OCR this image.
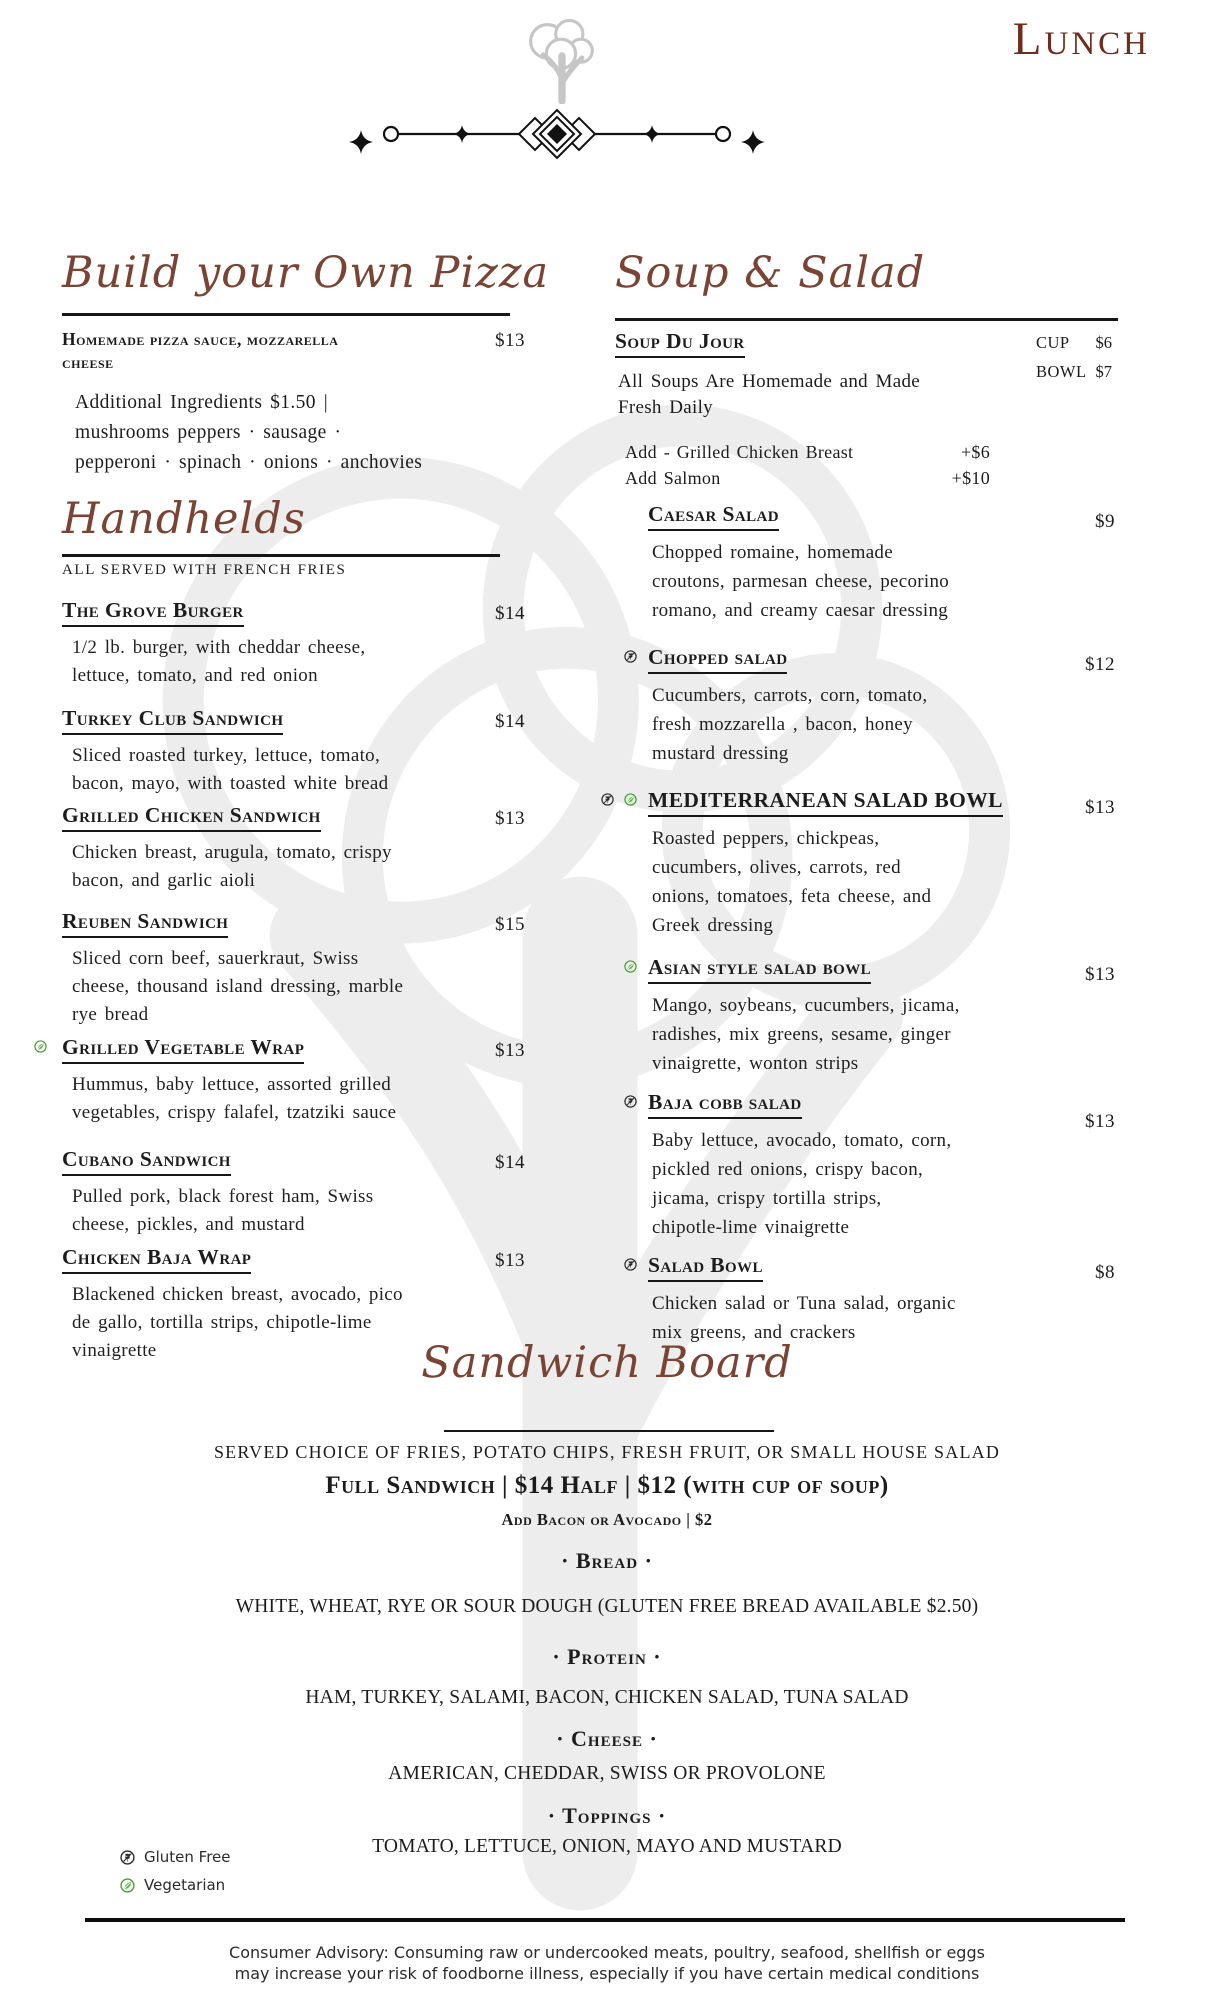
Lunch
Build your Own Pizza
Homemade pizza sauce, mozzarella cheese
$13
Additional Ingredients $1.50 |
mushrooms peppers · sausage ·
pepperoni · spinach · onions · anchovies
Handhelds
ALL SERVED WITH FRENCH FRIES
The Grove Burger	$14
1/2 lb. burger, with cheddar cheese,
lettuce, tomato, and red onion
Turkey Club Sandwich	$14
Sliced roasted turkey, lettuce, tomato,
bacon, mayo, with toasted white bread
Grilled Chicken Sandwich	$13
Chicken breast, arugula, tomato, crispy
bacon, and garlic aioli
Reuben Sandwich	$15
Sliced corn beef, sauerkraut, Swiss
cheese, thousand island dressing, marble
rye bread
Grilled Vegetable Wrap	$13
Hummus, baby lettuce, assorted grilled
vegetables, crispy falafel, tzatziki sauce
Cubano Sandwich	$14
Pulled pork, black forest ham, Swiss
cheese, pickles, and mustard
Chicken Baja Wrap	$13
Blackened chicken breast, avocado, pico
de gallo, tortilla strips, chipotle-lime
vinaigrette
Soup & Salad
Soup Du Jour	CUP $6
BOWL $7
All Soups Are Homemade and Made
Fresh Daily
Add - Grilled Chicken Breast	+$6
Add Salmon	+$10
Caesar Salad	$9
Chopped romaine, homemade
croutons, parmesan cheese, pecorino
romano, and creamy caesar dressing
Chopped salad	$12
Cucumbers, carrots, corn, tomato,
fresh mozzarella , bacon, honey
mustard dressing
MEDITERRANEAN SALAD BOWL	$13
Roasted peppers, chickpeas,
cucumbers, olives, carrots, red
onions, tomatoes, feta cheese, and
Greek dressing
Asian style salad bowl	$13
Mango, soybeans, cucumbers, jicama,
radishes, mix greens, sesame, ginger
vinaigrette, wonton strips
Baja cobb salad
$13
Baby lettuce, avocado, tomato, corn,
pickled red onions, crispy bacon,
jicama, crispy tortilla strips,
chipotle-lime vinaigrette
Salad Bowl	$8
Chicken salad or Tuna salad, organic
mix greens, and crackers
Sandwich Board
SERVED CHOICE OF FRIES, POTATO CHIPS, FRESH FRUIT, OR SMALL HOUSE SALAD
Full Sandwich | $14 Half | $12 (with cup of soup)
Add Bacon or Avocado | $2
· Bread ·
WHITE, WHEAT, RYE OR SOUR DOUGH (GLUTEN FREE BREAD AVAILABLE $2.50)
· Protein ·
HAM, TURKEY, SALAMI, BACON, CHICKEN SALAD, TUNA SALAD
· Cheese ·
AMERICAN, CHEDDAR, SWISS OR PROVOLONE
· Toppings ·
TOMATO, LETTUCE, ONION, MAYO AND MUSTARD
Gluten Free
Vegetarian
Consumer Advisory: Consuming raw or undercooked meats, poultry, seafood, shellfish or eggs
may increase your risk of foodborne illness, especially if you have certain medical conditions
